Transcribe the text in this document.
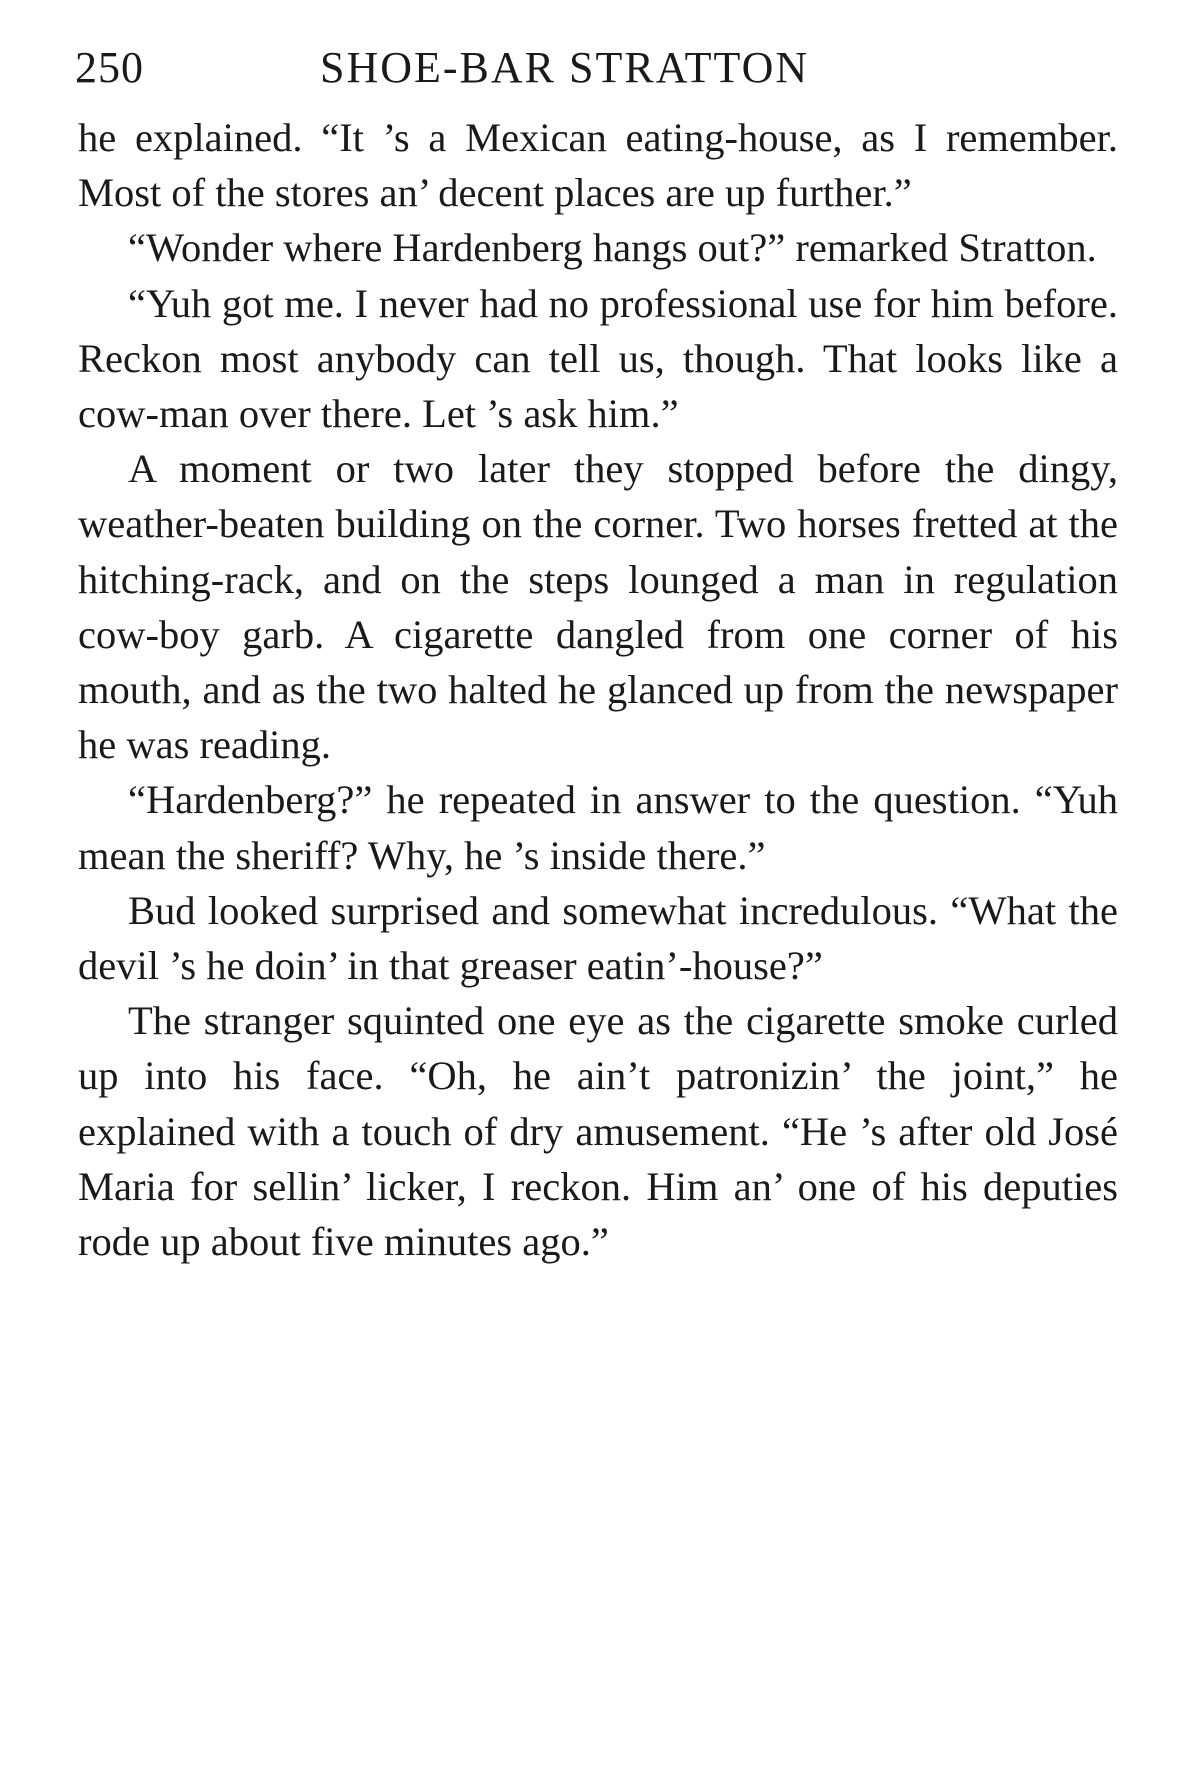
250	SHOE-BAR STRATTON

he explained. “It ’s a Mexican eating-house, as I remember. Most of the stores an’ decent places are up further.”

“Wonder where Hardenberg hangs out?” remarked Stratton.

“Yuh got me. I never had no professional use for him before. Reckon most anybody can tell us, though. That looks like a cow-man over there. Let ’s ask him.”

A moment or two later they stopped before the dingy, weather-beaten building on the corner. Two horses fretted at the hitching-rack, and on the steps lounged a man in regulation cow-boy garb. A cigarette dangled from one corner of his mouth, and as the two halted he glanced up from the newspaper he was reading.

“Hardenberg?” he repeated in answer to the question. “Yuh mean the sheriff? Why, he ’s inside there.”

Bud looked surprised and somewhat incredulous. “What the devil ’s he doin’ in that greaser eatin’-house?”

The stranger squinted one eye as the cigarette smoke curled up into his face. “Oh, he ain’t patronizin’ the joint,” he explained with a touch of dry amusement. “He ’s after old José Maria for sellin’ licker, I reckon. Him an’ one of his deputies rode up about five minutes ago.”
